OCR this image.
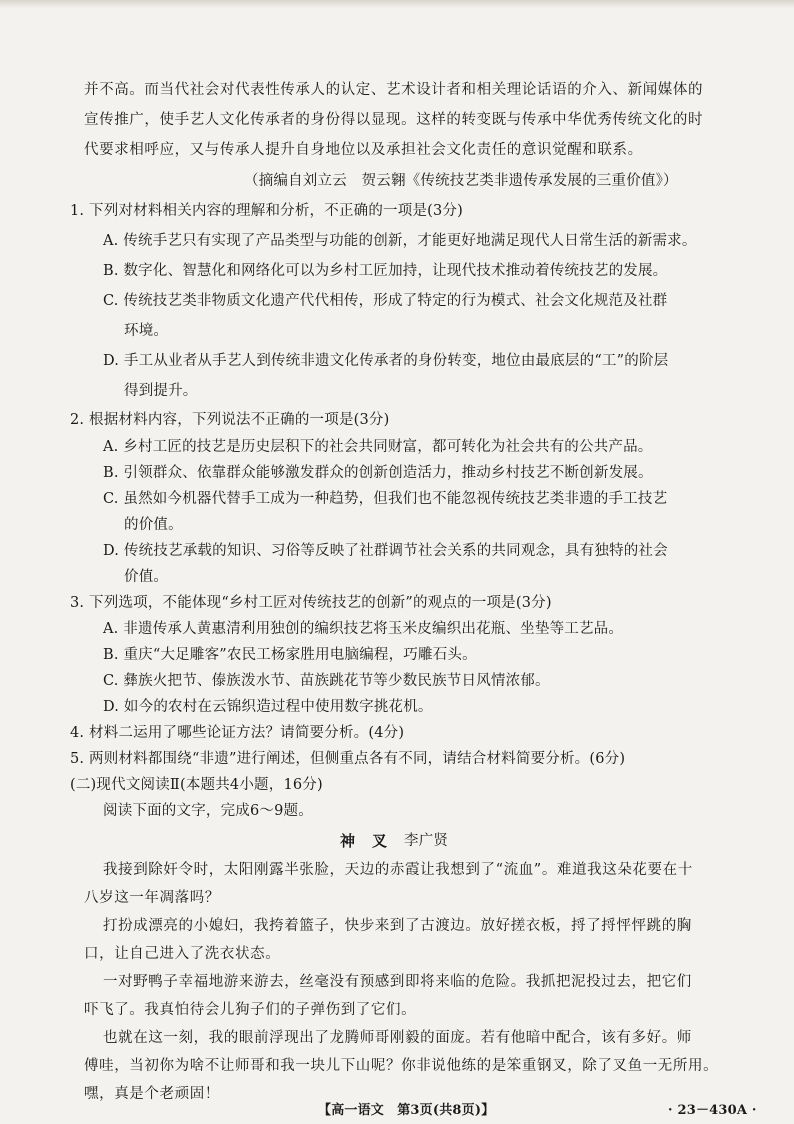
并不高。而当代社会对代表性传承人的认定、艺术设计者和相关理论话语的介入、新闻媒体的
宣传推广，使手艺人文化传承者的身份得以显现。这样的转变既与传承中华优秀传统文化的时
代要求相呼应，又与传承人提升自身地位以及承担社会文化责任的意识觉醒和联系。
（摘编自刘立云　贺云翱《传统技艺类非遗传承发展的三重价值》）
1. 下列对材料相关内容的理解和分析，不正确的一项是(3分)
A. 传统手艺只有实现了产品类型与功能的创新，才能更好地满足现代人日常生活的新需求。
B. 数字化、智慧化和网络化可以为乡村工匠加持，让现代技术推动着传统技艺的发展。
C. 传统技艺类非物质文化遗产代代相传，形成了特定的行为模式、社会文化规范及社群
环境。
D. 手工从业者从手艺人到传统非遗文化传承者的身份转变，地位由最底层的“工”的阶层
得到提升。
2. 根据材料内容，下列说法不正确的一项是(3分)
A. 乡村工匠的技艺是历史层积下的社会共同财富，都可转化为社会共有的公共产品。
B. 引领群众、依靠群众能够激发群众的创新创造活力，推动乡村技艺不断创新发展。
C. 虽然如今机器代替手工成为一种趋势，但我们也不能忽视传统技艺类非遗的手工技艺
的价值。
D. 传统技艺承载的知识、习俗等反映了社群调节社会关系的共同观念，具有独特的社会
价值。
3. 下列选项，不能体现“乡村工匠对传统技艺的创新”的观点的一项是(3分)
A. 非遗传承人黄惠清利用独创的编织技艺将玉米皮编织出花瓶、坐垫等工艺品。
B. 重庆“大足雕客”农民工杨家胜用电脑编程，巧雕石头。
C. 彝族火把节、傣族泼水节、苗族跳花节等少数民族节日风情浓郁。
D. 如今的农村在云锦织造过程中使用数字挑花机。
4. 材料二运用了哪些论证方法？请简要分析。(4分)
5. 两则材料都围绕“非遗”进行阐述，但侧重点各有不同，请结合材料简要分析。(6分)
(二)现代文阅读Ⅱ(本题共4小题，16分)
阅读下面的文字，完成6～9题。
神　叉 李广贤
我接到除奸令时，太阳刚露半张脸，天边的赤霞让我想到了“流血”。难道我这朵花要在十
八岁这一年凋落吗？
打扮成漂亮的小媳妇，我挎着篮子，快步来到了古渡边。放好搓衣板，捋了捋怦怦跳的胸
口，让自己进入了洗衣状态。
一对野鸭子幸福地游来游去，丝毫没有预感到即将来临的危险。我抓把泥投过去，把它们
吓飞了。我真怕待会儿狗子们的子弹伤到了它们。
也就在这一刻，我的眼前浮现出了龙腾师哥刚毅的面庞。若有他暗中配合，该有多好。师
傅哇，当初你为啥不让师哥和我一块儿下山呢？你非说他练的是笨重钢叉，除了叉鱼一无所用。
嘿，真是个老顽固！
【高一语文　第3页(共8页)】	· 23－430A ·
